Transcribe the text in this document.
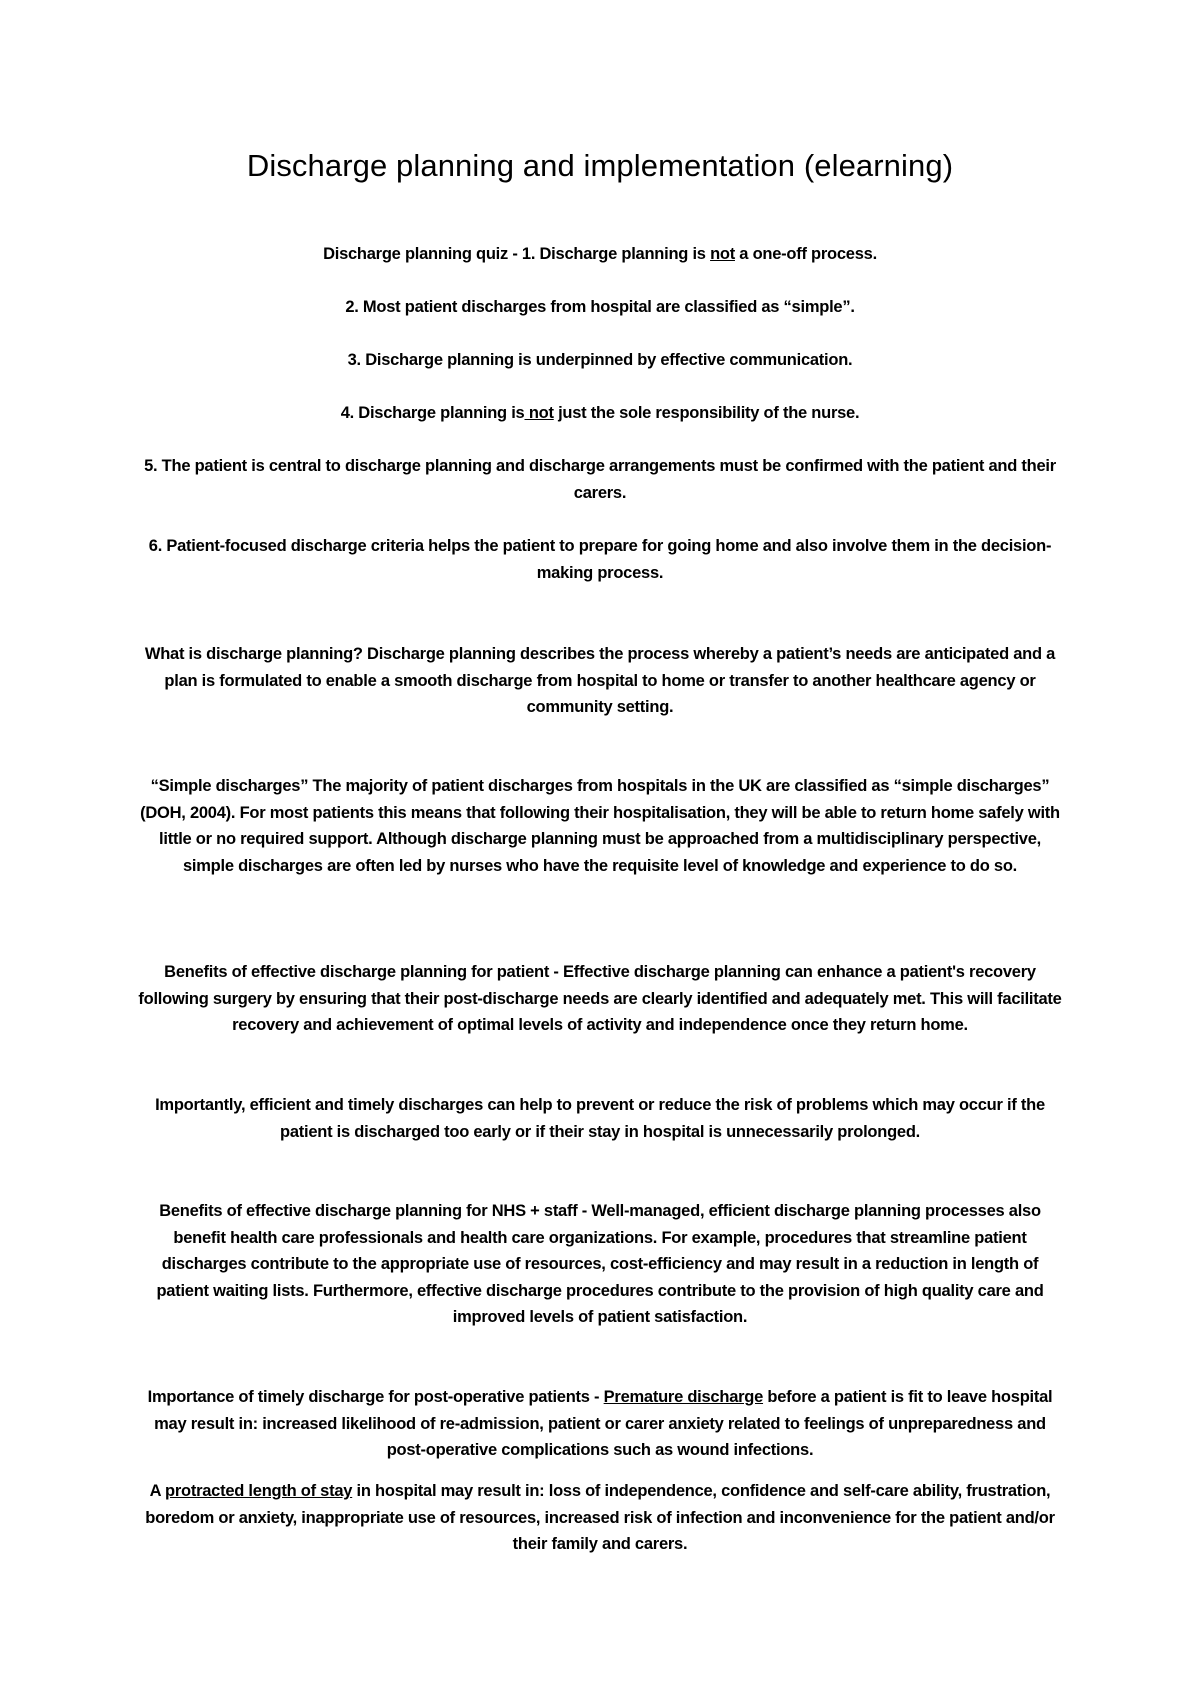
Discharge planning and implementation (elearning)

Discharge planning quiz - 1. Discharge planning is not a one-off process.

2. Most patient discharges from hospital are classified as “simple”.

3. Discharge planning is underpinned by effective communication.

4. Discharge planning is not just the sole responsibility of the nurse.

5. The patient is central to discharge planning and discharge arrangements must be confirmed with the patient and their carers.

6. Patient-focused discharge criteria helps the patient to prepare for going home and also involve them in the decision-making process.

What is discharge planning? Discharge planning describes the process whereby a patient’s needs are anticipated and a plan is formulated to enable a smooth discharge from hospital to home or transfer to another healthcare agency or community setting.

“Simple discharges” The majority of patient discharges from hospitals in the UK are classified as “simple discharges” (DOH, 2004). For most patients this means that following their hospitalisation, they will be able to return home safely with little or no required support. Although discharge planning must be approached from a multidisciplinary perspective, simple discharges are often led by nurses who have the requisite level of knowledge and experience to do so.

Benefits of effective discharge planning for patient - Effective discharge planning can enhance a patient's recovery following surgery by ensuring that their post-discharge needs are clearly identified and adequately met. This will facilitate recovery and achievement of optimal levels of activity and independence once they return home.

Importantly, efficient and timely discharges can help to prevent or reduce the risk of problems which may occur if the patient is discharged too early or if their stay in hospital is unnecessarily prolonged.

Benefits of effective discharge planning for NHS + staff - Well-managed, efficient discharge planning processes also benefit health care professionals and health care organizations. For example, procedures that streamline patient discharges contribute to the appropriate use of resources, cost-efficiency and may result in a reduction in length of patient waiting lists. Furthermore, effective discharge procedures contribute to the provision of high quality care and improved levels of patient satisfaction.

Importance of timely discharge for post-operative patients - Premature discharge before a patient is fit to leave hospital may result in: increased likelihood of re-admission, patient or carer anxiety related to feelings of unpreparedness and post-operative complications such as wound infections.

A protracted length of stay in hospital may result in: loss of independence, confidence and self-care ability, frustration, boredom or anxiety, inappropriate use of resources, increased risk of infection and inconvenience for the patient and/or their family and carers.
